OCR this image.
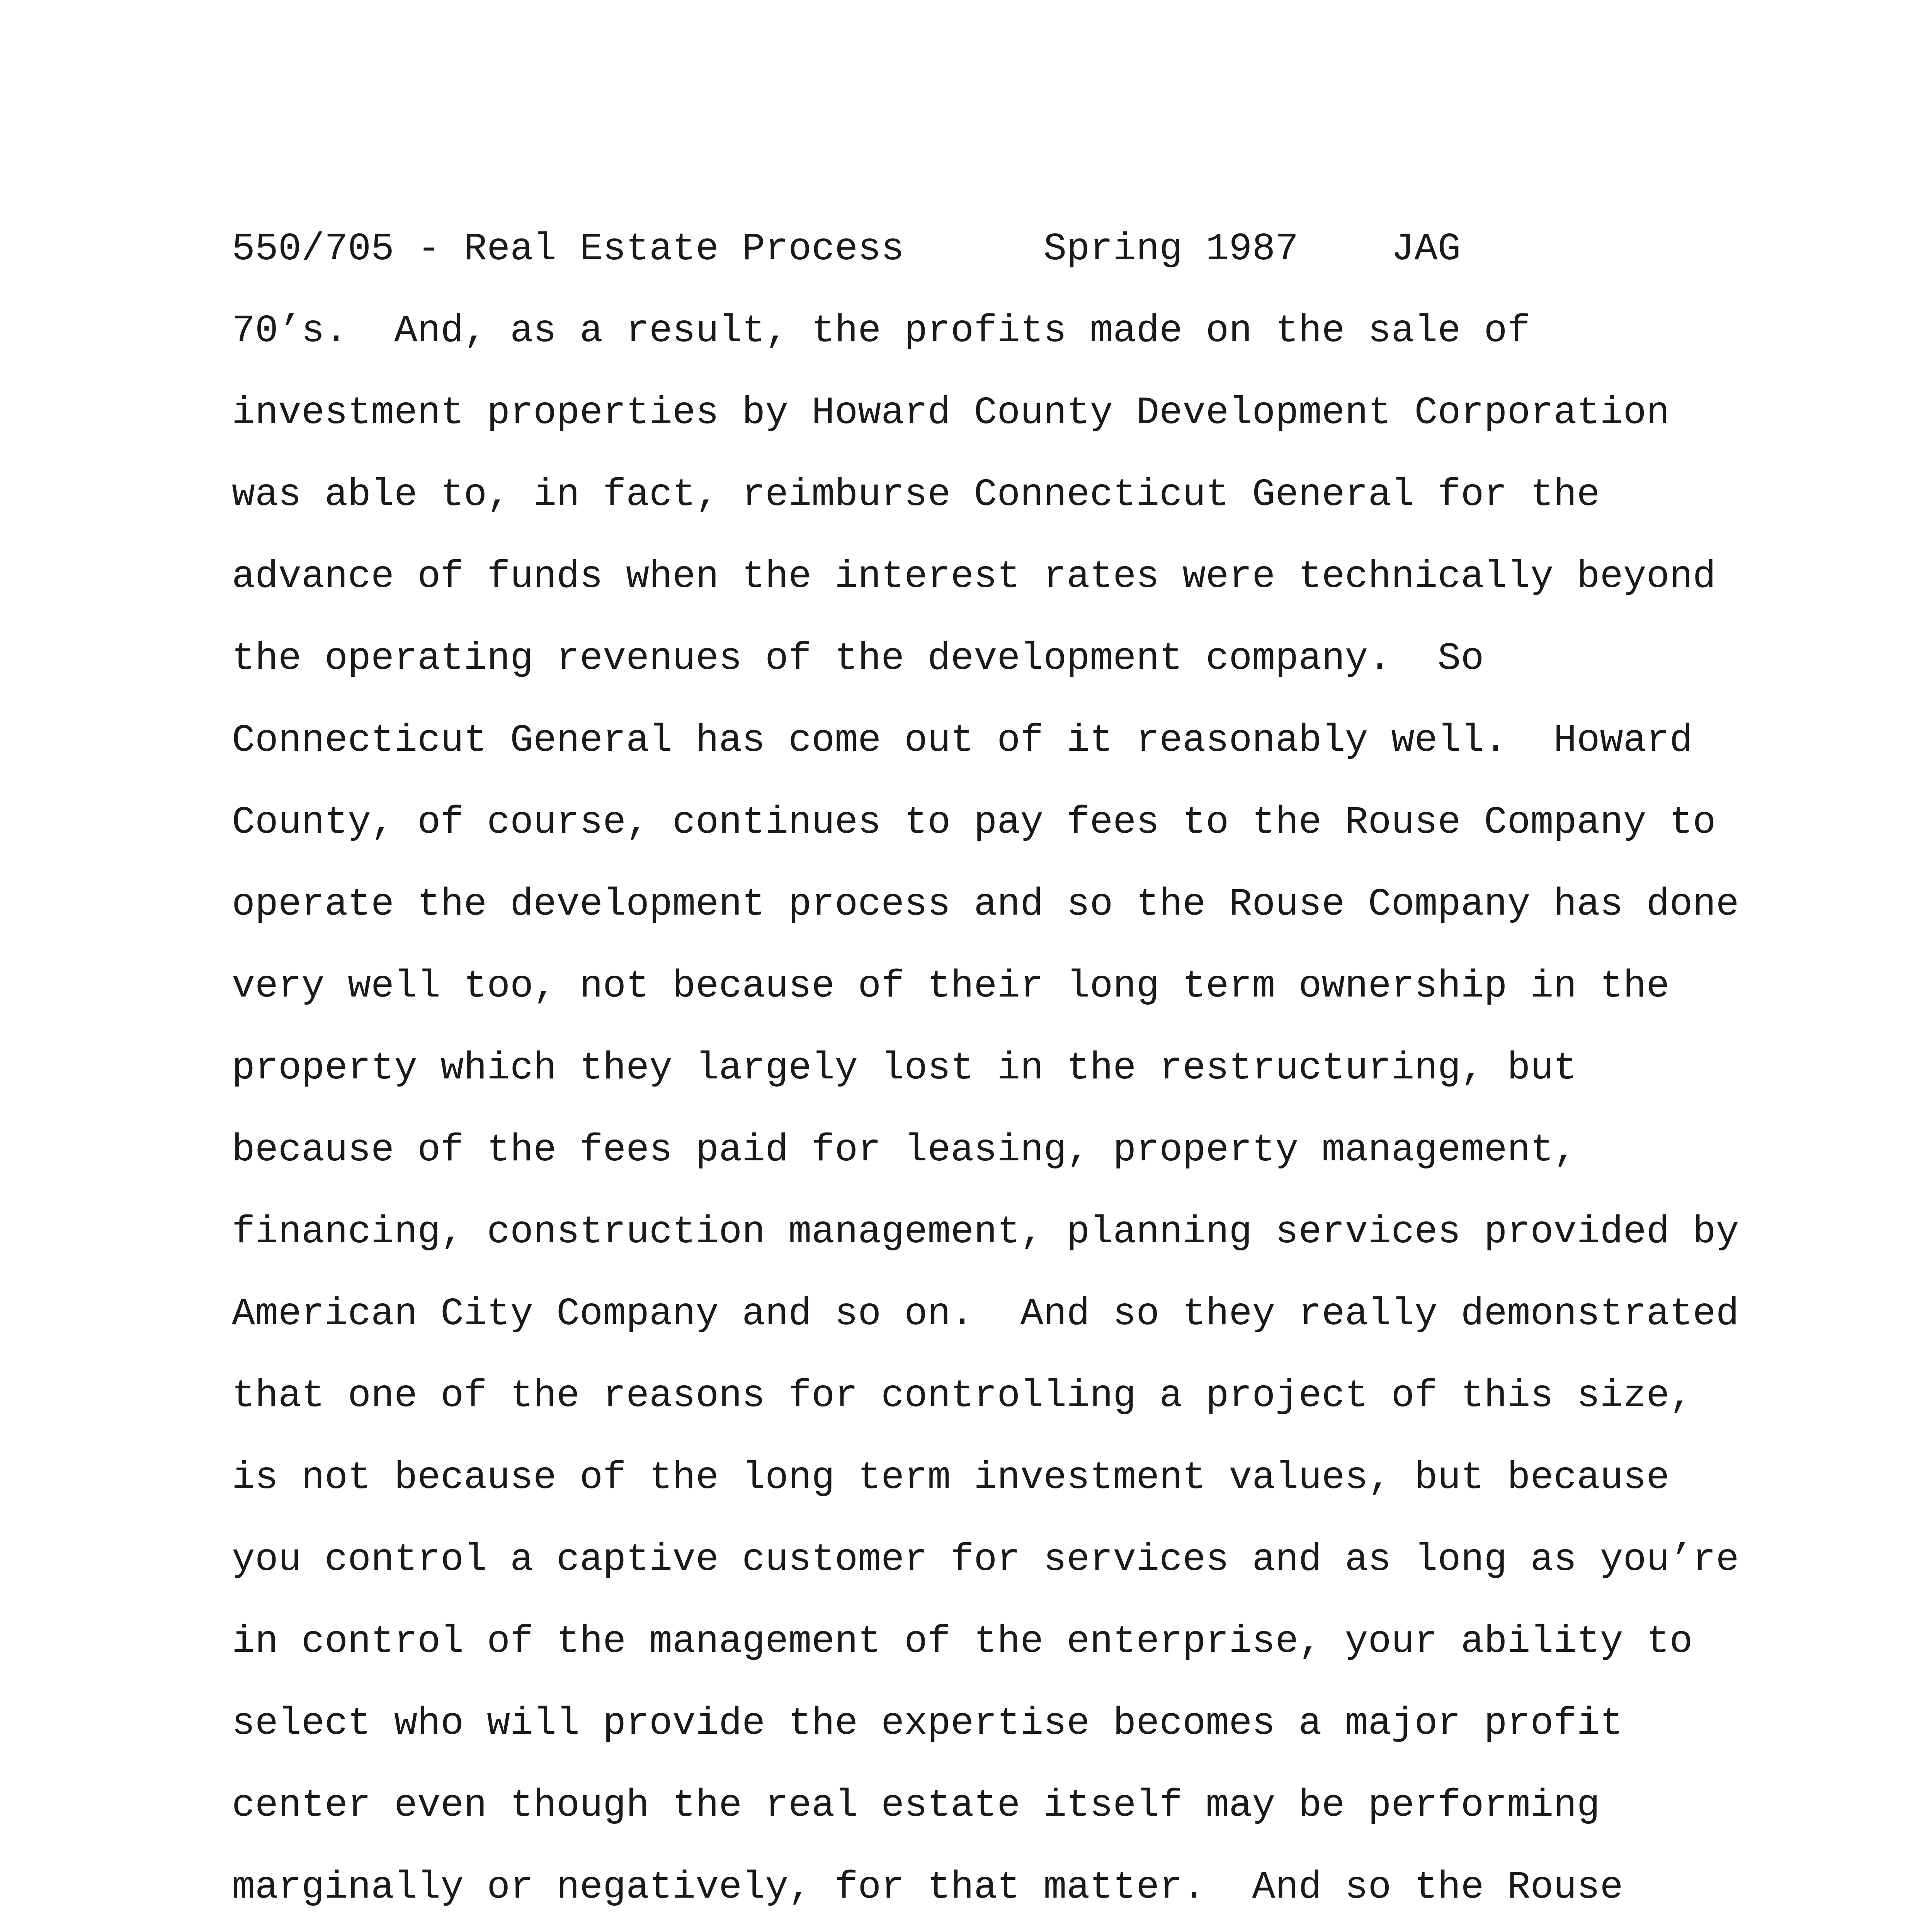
550/705 - Real Estate Process      Spring 1987    JAG

70’s.  And, as a result, the profits made on the sale of
investment properties by Howard County Development Corporation
was able to, in fact, reimburse Connecticut General for the
advance of funds when the interest rates were technically beyond
the operating revenues of the development company.  So
Connecticut General has come out of it reasonably well.  Howard
County, of course, continues to pay fees to the Rouse Company to
operate the development process and so the Rouse Company has done
very well too, not because of their long term ownership in the
property which they largely lost in the restructuring, but
because of the fees paid for leasing, property management,
financing, construction management, planning services provided by
American City Company and so on.  And so they really demonstrated
that one of the reasons for controlling a project of this size,
is not because of the long term investment values, but because
you control a captive customer for services and as long as you’re
in control of the management of the enterprise, your ability to
select who will provide the expertise becomes a major profit
center even though the real estate itself may be performing
marginally or negatively, for that matter.  And so the Rouse
